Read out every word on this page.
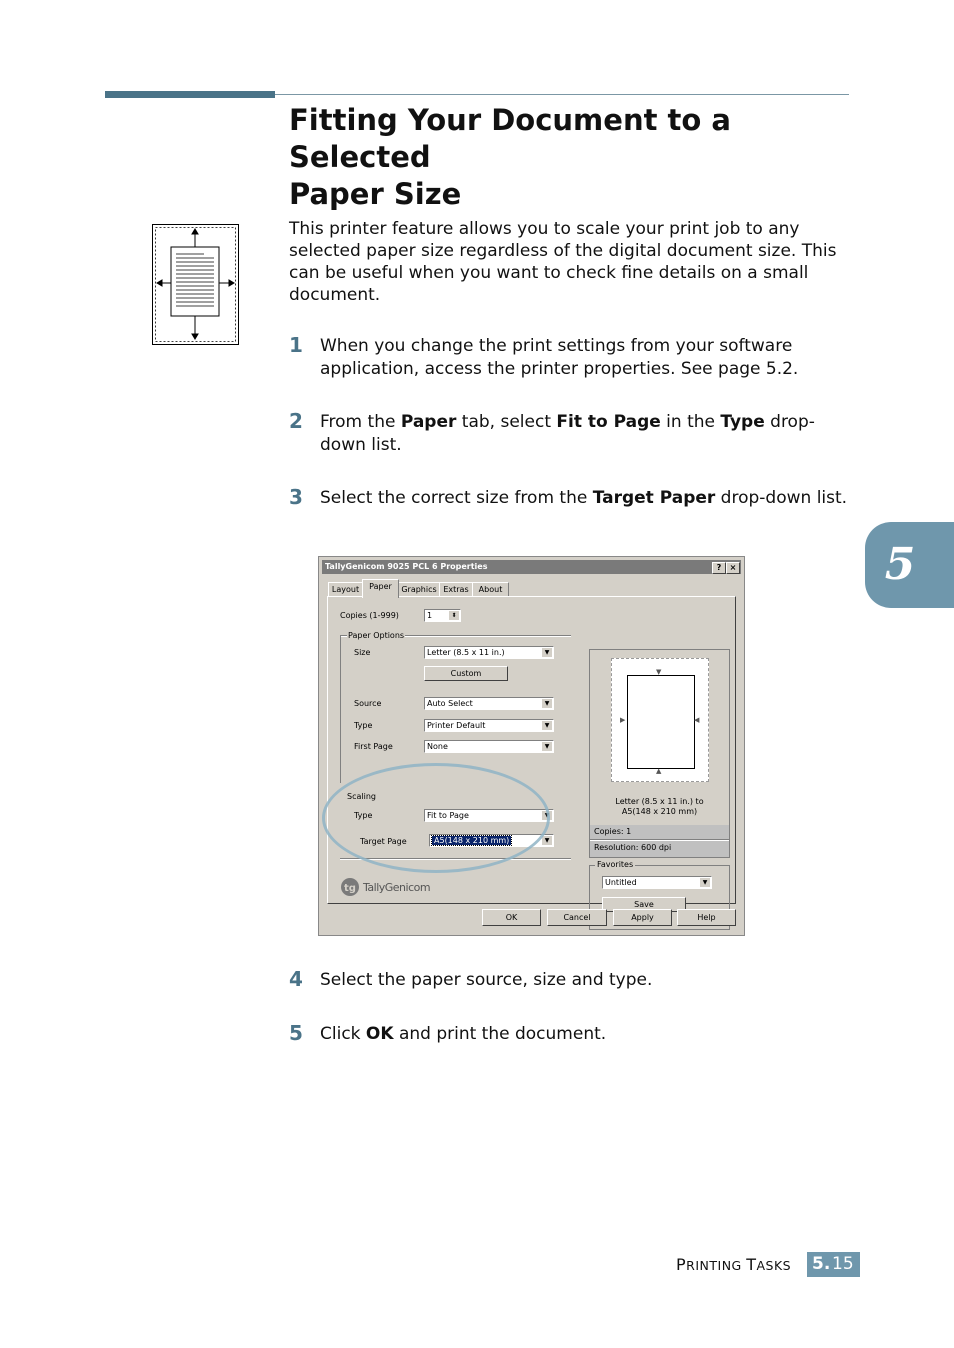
Fitting Your Document to a Selected
Paper Size

This printer feature allows you to scale your print job to any selected paper size regardless of the digital document size. This can be useful when you want to check fine details on a small document.

1	When you change the print settings from your software application, access the printer properties. See page 5.2.
2	From the Paper tab, select Fit to Page in the Type drop-down list.
3	Select the correct size from the Target Paper drop-down list.
TallyGenicom 9025 PCL 6 Properties	?	×
Layout	Paper	Graphics Extras	About
Copies (1-999)	1	⬍
Paper Options
Size	Letter (8.5 x 11 in.)	▼
Custom
Source	Auto Select	▼
Type	Printer Default	▼
First Page	None	▼
Scaling
Type	Fit to Page	▼
Target Page	A5(148 x 210 mm)	▼
tg TallyGenicom
▼
▲
▶	◀
Letter (8.5 x 11 in.) to
A5(148 x 210 mm)
Copies: 1
Resolution: 600 dpi
Favorites
Untitled	▼
Save
OK	Cancel	Apply	Help
4	Select the paper source, size and type.
5	Click OK and print the document.
5
PRINTING TASKS 5. 15
